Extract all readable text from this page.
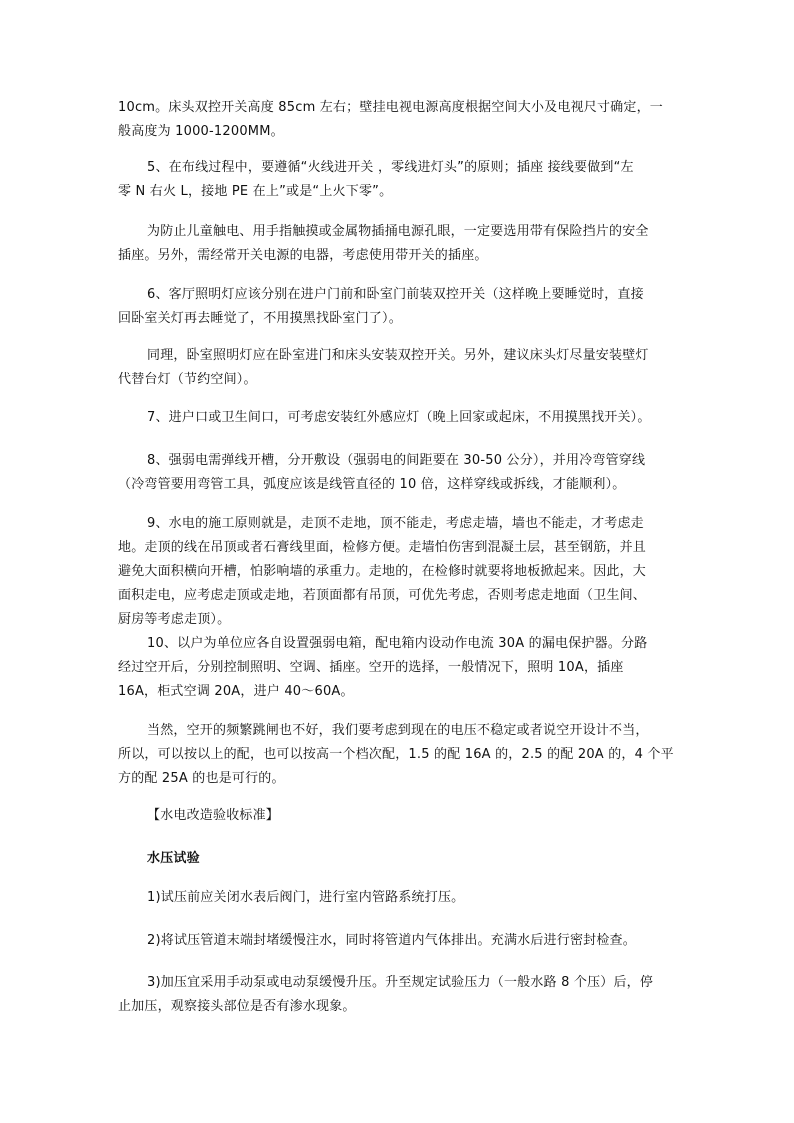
10cm。床头双控开关高度 85cm 左右；壁挂电视电源高度根据空间大小及电视尺寸确定，一
般高度为 1000-1200MM。

5、在布线过程中，要遵循“火线进开关 ，零线进灯头”的原则；插座 接线要做到“左
零 N 右火 L，接地 PE 在上”或是“上火下零”。

为防止儿童触电、用手指触摸或金属物插捅电源孔眼，一定要选用带有保险挡片的安全
插座。另外，需经常开关电源的电器，考虑使用带开关的插座。

6、客厅照明灯应该分别在进户门前和卧室门前装双控开关（这样晚上要睡觉时，直接
回卧室关灯再去睡觉了，不用摸黑找卧室门了）。

同理，卧室照明灯应在卧室进门和床头安装双控开关。另外，建议床头灯尽量安装壁灯
代替台灯（节约空间）。

7、进户口或卫生间口，可考虑安装红外感应灯（晚上回家或起床，不用摸黑找开关）。

8、强弱电需弹线开槽，分开敷设（强弱电的间距要在 30-50 公分），并用冷弯管穿线
（冷弯管要用弯管工具，弧度应该是线管直径的 10 倍，这样穿线或拆线，才能顺利）。

9、水电的施工原则就是，走顶不走地，顶不能走，考虑走墙，墙也不能走，才考虑走
地。走顶的线在吊顶或者石膏线里面，检修方便。走墙怕伤害到混凝土层，甚至钢筋，并且
避免大面积横向开槽，怕影响墙的承重力。走地的，在检修时就要将地板掀起来。因此，大
面积走电，应考虑走顶或走地，若顶面都有吊顶，可优先考虑，否则考虑走地面（卫生间、
厨房等考虑走顶）。

10、以户为单位应各自设置强弱电箱，配电箱内设动作电流 30A 的漏电保护器。分路
经过空开后，分别控制照明、空调、插座。空开的选择，一般情况下，照明 10A，插座
16A，柜式空调 20A，进户 40～60A。

当然，空开的频繁跳闸也不好，我们要考虑到现在的电压不稳定或者说空开设计不当，
所以，可以按以上的配，也可以按高一个档次配，1.5 的配 16A 的，2.5 的配 20A 的，4 个平
方的配 25A 的也是可行的。

【水电改造验收标准】

水压试验

1)试压前应关闭水表后阀门，进行室内管路系统打压。

2)将试压管道末端封堵缓慢注水，同时将管道内气体排出。充满水后进行密封检查。

3)加压宜采用手动泵或电动泵缓慢升压。升至规定试验压力（一般水路 8 个压）后，停
止加压，观察接头部位是否有渗水现象。
